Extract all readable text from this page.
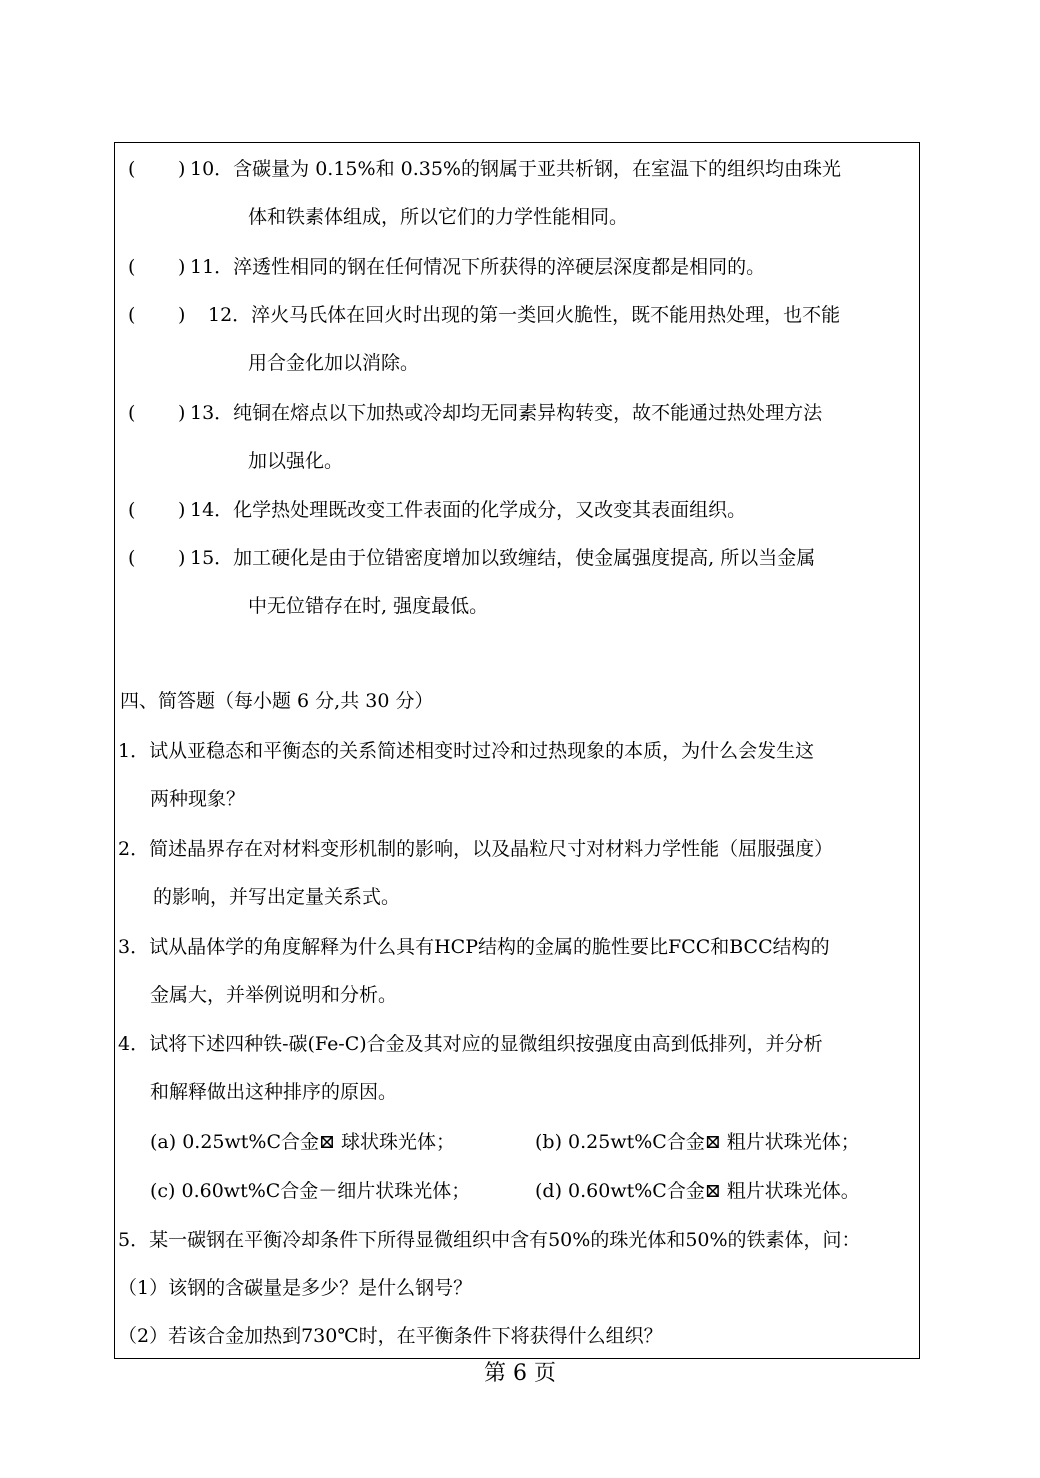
( ) 10．含碳量为 0.15%和 0.35%的钢属于亚共析钢，在室温下的组织均由珠光
体和铁素体组成，所以它们的力学性能相同。
( ) 11．淬透性相同的钢在任何情况下所获得的淬硬层深度都是相同的。
( ) 12．淬火马氏体在回火时出现的第一类回火脆性，既不能用热处理，也不能
用合金化加以消除。
( ) 13．纯铜在熔点以下加热或冷却均无同素异构转变，故不能通过热处理方法
加以强化。
( ) 14．化学热处理既改变工件表面的化学成分，又改变其表面组织。
( ) 15．加工硬化是由于位错密度增加以致缠结，使金属强度提高, 所以当金属
中无位错存在时, 强度最低。
四、简答题（每小题 6 分,共 30 分）
1．试从亚稳态和平衡态的关系简述相变时过冷和过热现象的本质，为什么会发生这
两种现象？
2．简述晶界存在对材料变形机制的影响，以及晶粒尺寸对材料力学性能（屈服强度）
的影响，并写出定量关系式。
3．试从晶体学的角度解释为什么具有HCP结构的金属的脆性要比FCC和BCC结构的
金属大，并举例说明和分析。
4．试将下述四种铁-碳(Fe-C)合金及其对应的显微组织按强度由高到低排列，并分析
和解释做出这种排序的原因。
(a) 0.25wt%C合金⊠ 球状珠光体；	(b) 0.25wt%C合金⊠ 粗片状珠光体；
(c) 0.60wt%C合金－细片状珠光体；	(d) 0.60wt%C合金⊠ 粗片状珠光体。
5．某一碳钢在平衡冷却条件下所得显微组织中含有50%的珠光体和50%的铁素体，问：
（1）该钢的含碳量是多少？是什么钢号？
（2）若该合金加热到730℃时，在平衡条件下将获得什么组织？
第 6 页
